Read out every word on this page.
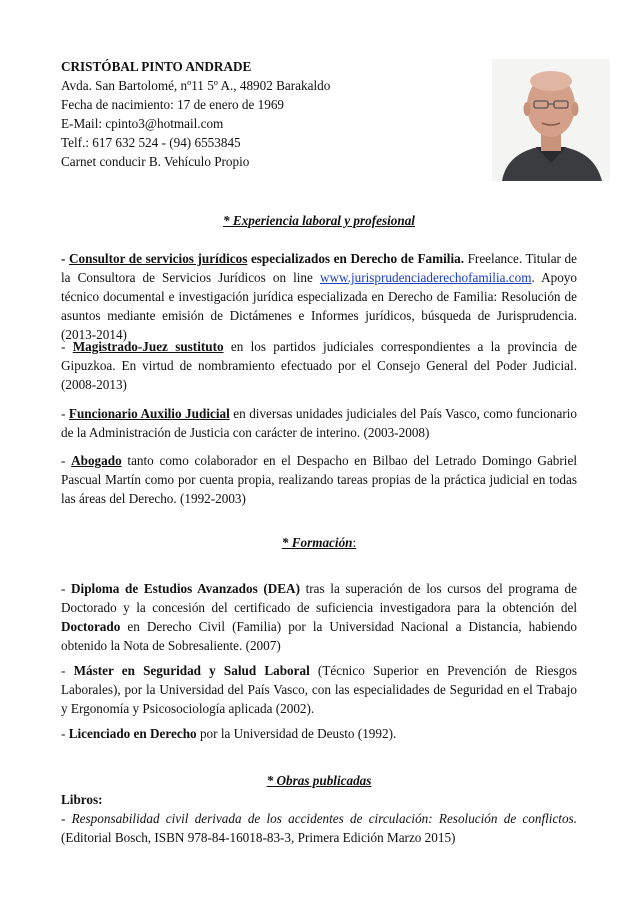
CRISTÓBAL PINTO ANDRADE
Avda. San Bartolomé, nº11 5º A., 48902 Barakaldo
Fecha de nacimiento: 17 de enero de 1969
E-Mail: cpinto3@hotmail.com
Telf.: 617 632 524 - (94) 6553845
Carnet conducir B. Vehículo Propio
* Experiencia laboral y profesional
- Consultor de servicios jurídicos especializados en Derecho de Familia. Freelance. Titular de la Consultora de Servicios Jurídicos on line www.jurisprudenciaderechofamilia.com. Apoyo técnico documental e investigación jurídica especializada en Derecho de Familia: Resolución de asuntos mediante emisión de Dictámenes e Informes jurídicos, búsqueda de Jurisprudencia. (2013-2014)
- Magistrado-Juez sustituto en los partidos judiciales correspondientes a la provincia de Gipuzkoa. En virtud de nombramiento efectuado por el Consejo General del Poder Judicial. (2008-2013)
- Funcionario Auxilio Judicial en diversas unidades judiciales del País Vasco, como funcionario de la Administración de Justicia con carácter de interino. (2003-2008)
- Abogado tanto como colaborador en el Despacho en Bilbao del Letrado Domingo Gabriel Pascual Martín como por cuenta propia, realizando tareas propias de la práctica judicial en todas las áreas del Derecho. (1992-2003)
* Formación:
- Diploma de Estudios Avanzados (DEA) tras la superación de los cursos del programa de Doctorado y la concesión del certificado de suficiencia investigadora para la obtención del Doctorado en Derecho Civil (Familia) por la Universidad Nacional a Distancia, habiendo obtenido la Nota de Sobresaliente. (2007)
- Máster en Seguridad y Salud Laboral (Técnico Superior en Prevención de Riesgos Laborales), por la Universidad del País Vasco, con las especialidades de Seguridad en el Trabajo y Ergonomía y Psicosociología aplicada (2002).
- Licenciado en Derecho por la Universidad de Deusto (1992).
* Obras publicadas
Libros:
- Responsabilidad civil derivada de los accidentes de circulación: Resolución de conflictos. (Editorial Bosch, ISBN 978-84-16018-83-3, Primera Edición Marzo 2015)
